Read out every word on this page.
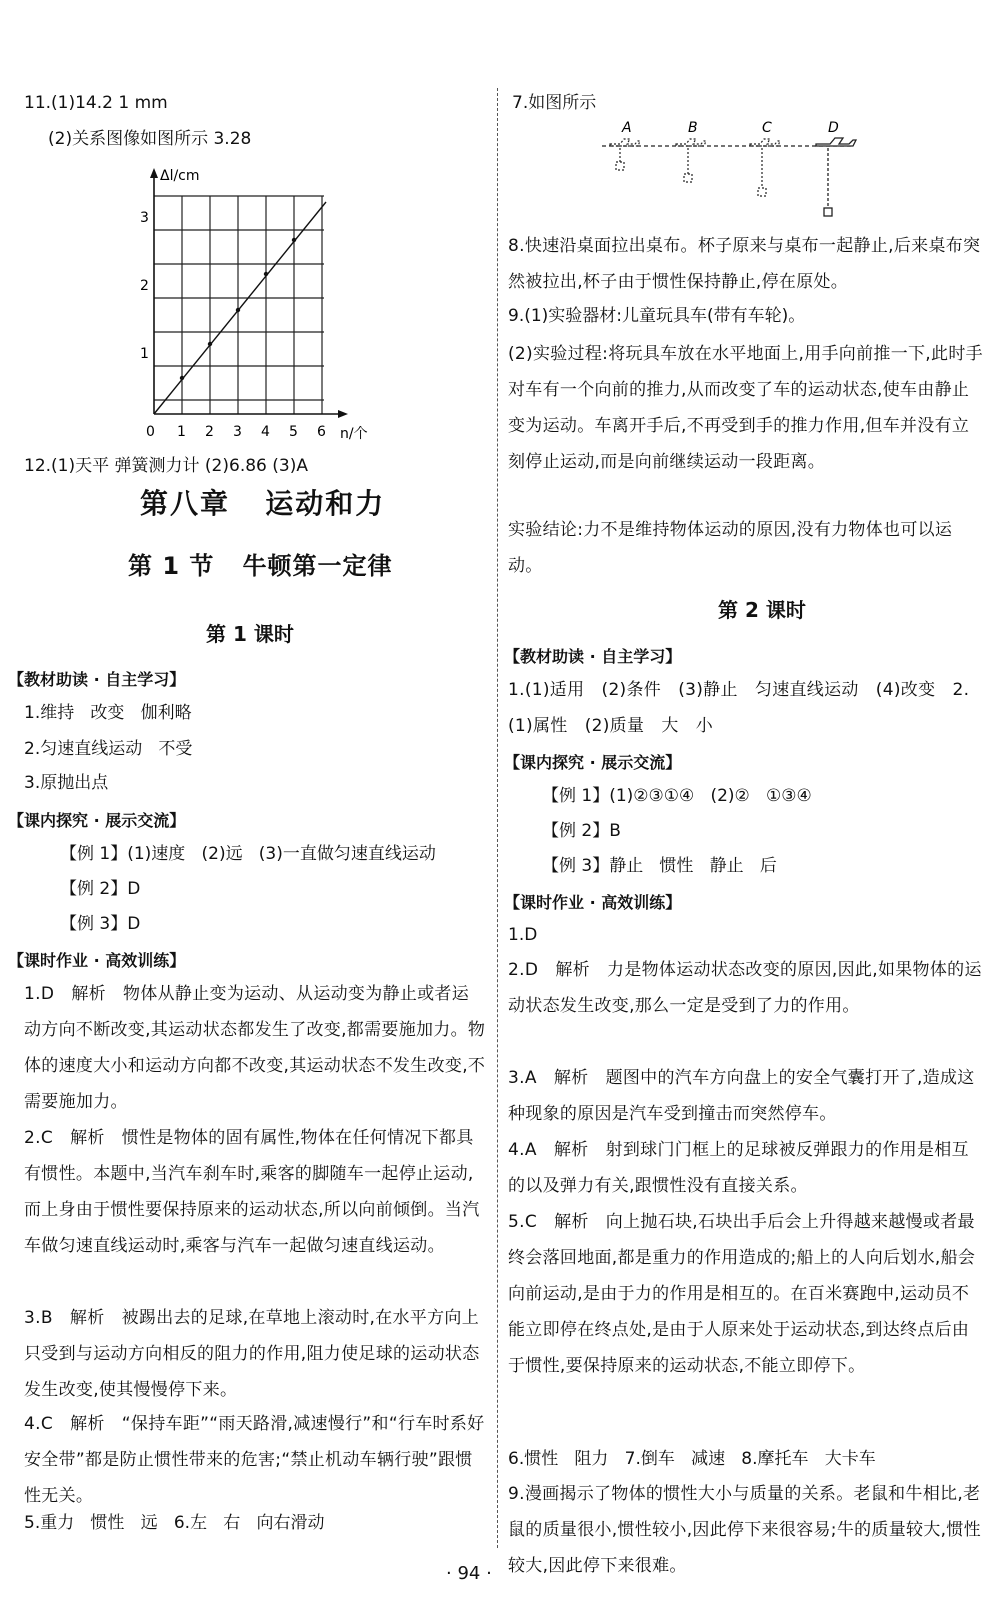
11.(1)14.2 1 mm
(2)关系图像如图所示 3.28
Δl/cm
n/个
0 1 2 3 4 5 6
1
2
3
12.(1)天平 弹簧测力计 (2)6.86 (3)A
第八章   运动和力
第 1 节   牛顿第一定律
第 1 课时
【教材助读 · 自主学习】
1.维持   改变   伽利略
2.匀速直线运动   不受
3.原抛出点
【课内探究 · 展示交流】
【例 1】(1)速度   (2)远   (3)一直做匀速直线运动
【例 2】D
【例 3】D
【课时作业 · 高效训练】
1.D   解析   物体从静止变为运动、从运动变为静止或者运动方向不断改变,其运动状态都发生了改变,都需要施加力。物体的速度大小和运动方向都不改变,其运动状态不发生改变,不需要施加力。
2.C   解析   惯性是物体的固有属性,物体在任何情况下都具有惯性。本题中,当汽车刹车时,乘客的脚随车一起停止运动,而上身由于惯性要保持原来的运动状态,所以向前倾倒。当汽车做匀速直线运动时,乘客与汽车一起做匀速直线运动。
3.B   解析   被踢出去的足球,在草地上滚动时,在水平方向上只受到与运动方向相反的阻力的作用,阻力使足球的运动状态发生改变,使其慢慢停下来。
4.C   解析   “保持车距”“雨天路滑,减速慢行”和“行车时系好安全带”都是防止惯性带来的危害;“禁止机动车辆行驶”跟惯性无关。
5.重力   惯性   远   6.左   右   向右滑动
7.如图所示
A	B	C	D
8.快速沿桌面拉出桌布。杯子原来与桌布一起静止,后来桌布突然被拉出,杯子由于惯性保持静止,停在原处。
9.(1)实验器材:儿童玩具车(带有车轮)。
(2)实验过程:将玩具车放在水平地面上,用手向前推一下,此时手对车有一个向前的推力,从而改变了车的运动状态,使车由静止变为运动。车离开手后,不再受到手的推力作用,但车并没有立刻停止运动,而是向前继续运动一段距离。
实验结论:力不是维持物体运动的原因,没有力物体也可以运动。
第 2 课时
【教材助读 · 自主学习】
1.(1)适用   (2)条件   (3)静止   匀速直线运动   (4)改变   2.(1)属性   (2)质量   大   小
【课内探究 · 展示交流】
【例 1】(1)②③①④   (2)②   ①③④
【例 2】B
【例 3】静止   惯性   静止   后
【课时作业 · 高效训练】
1.D
2.D   解析   力是物体运动状态改变的原因,因此,如果物体的运动状态发生改变,那么一定是受到了力的作用。
3.A   解析   题图中的汽车方向盘上的安全气囊打开了,造成这种现象的原因是汽车受到撞击而突然停车。
4.A   解析   射到球门门框上的足球被反弹跟力的作用是相互的以及弹力有关,跟惯性没有直接关系。
5.C   解析   向上抛石块,石块出手后会上升得越来越慢或者最终会落回地面,都是重力的作用造成的;船上的人向后划水,船会向前运动,是由于力的作用是相互的。在百米赛跑中,运动员不能立即停在终点处,是由于人原来处于运动状态,到达终点后由于惯性,要保持原来的运动状态,不能立即停下。
6.惯性   阻力   7.倒车   减速   8.摩托车   大卡车
9.漫画揭示了物体的惯性大小与质量的关系。老鼠和牛相比,老鼠的质量很小,惯性较小,因此停下来很容易;牛的质量较大,惯性较大,因此停下来很难。
· 94 ·
